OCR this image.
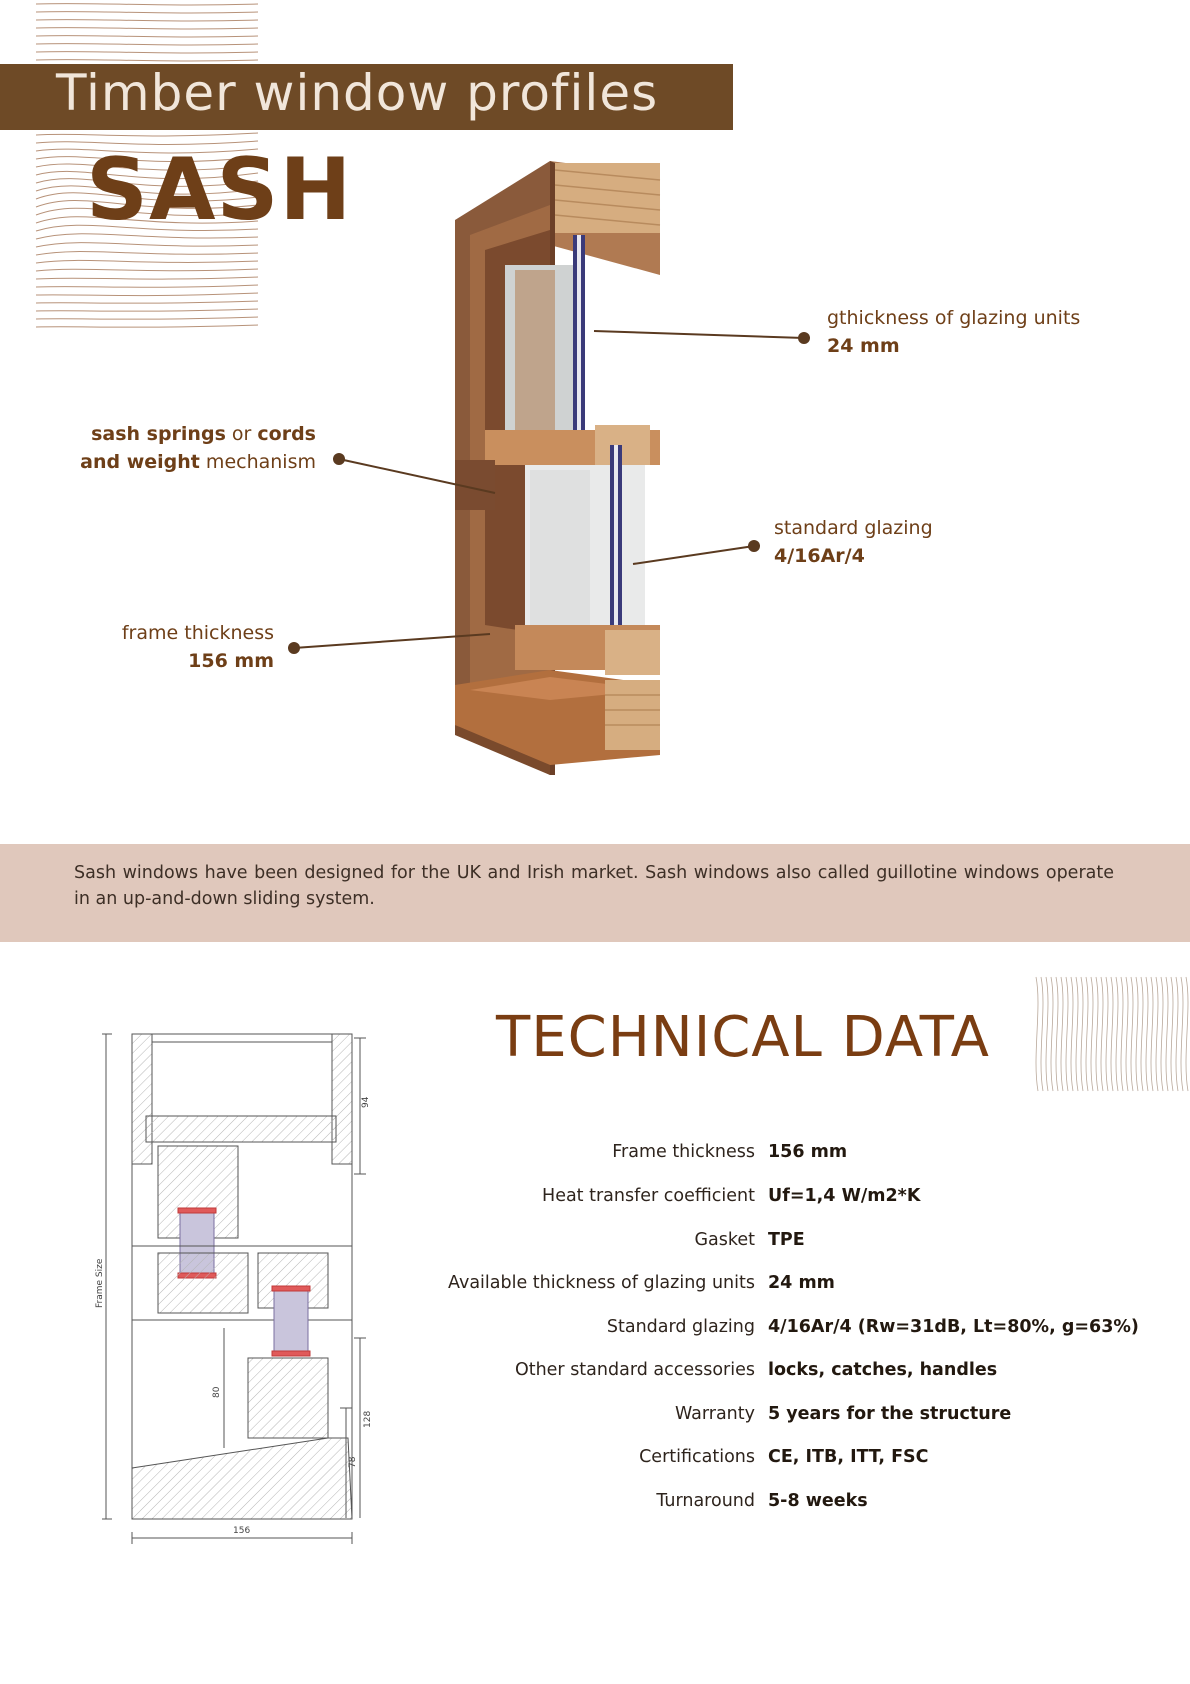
Timber window profiles
SASH
gthickness of glazing units
24 mm
sash springs or cords
and weight mechanism
standard glazing
4/16Ar/4
frame thickness
156 mm
Sash windows have been designed for the UK and Irish market. Sash windows also called guillotine windows operate in an up-and-down sliding system.
TECHNICAL DATA
94
80
128
78
156
Frame Size
Frame thickness 156 mm
Heat transfer coefficient Uf=1,4 W/m2*K
Gasket TPE
Available thickness of glazing units 24 mm
Standard glazing 4/16Ar/4 (Rw=31dB, Lt=80%, g=63%)
Other standard accessories locks, catches, handles
Warranty 5 years for the structure
Certifications CE, ITB, ITT, FSC
Turnaround 5-8 weeks
